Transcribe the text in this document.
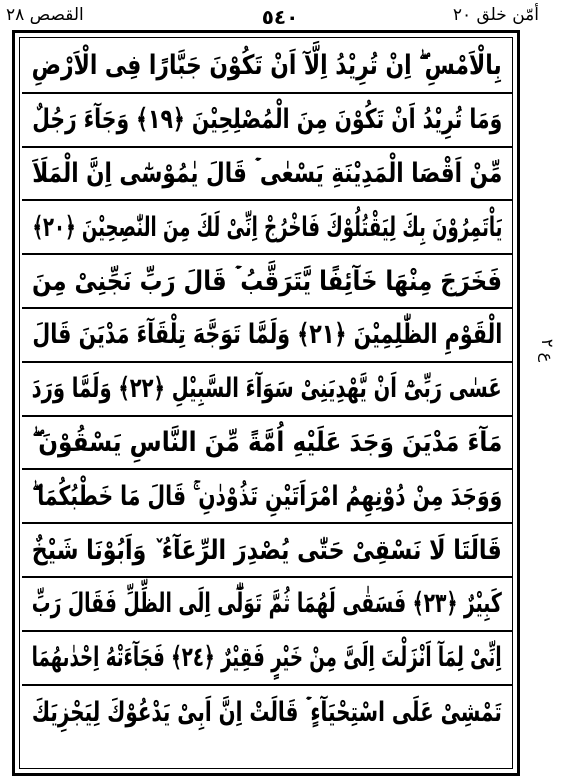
القصص ٢٨	٥٤٠	أمّن خلق ٢٠
بِالْاَمْسِ ۖ اِنْ تُرِيْدُ اِلَّآ اَنْ تَكُوْنَ جَبَّارًا فِى الْاَرْضِ
وَمَا تُرِيْدُ اَنْ تَكُوْنَ مِنَ الْمُصْلِحِيْنَ ﴿١٩﴾ وَجَآءَ رَجُلٌ
مِّنْ اَقْصَا الْمَدِيْنَةِ يَسْعٰى ۡ قَالَ يٰمُوْسٰٓى اِنَّ الْمَلَاَ
يَاْتَمِرُوْنَ بِكَ لِيَقْتُلُوْكَ فَاخْرُجْ اِنِّىْ لَكَ مِنَ النّٰصِحِيْنَ ﴿٢٠﴾
فَخَرَجَ مِنْهَا خَآئِفًا يَّتَرَقَّبُ ۡ قَالَ رَبِّ نَجِّنِىْ مِنَ
الْقَوْمِ الظّٰلِمِيْنَ ﴿٢١﴾ وَلَمَّا تَوَجَّهَ تِلْقَآءَ مَدْيَنَ قَالَ
عَسٰى رَبِّىْٓ اَنْ يَّهْدِيَنِىْ سَوَآءَ السَّبِيْلِ ﴿٢٢﴾ وَلَمَّا وَرَدَ
مَآءَ مَدْيَنَ وَجَدَ عَلَيْهِ اُمَّةً مِّنَ النَّاسِ يَسْقُوْنَ ۖ
وَوَجَدَ مِنْ دُوْنِهِمُ امْرَاَتَيْنِ تَذُوْدٰنِ ۚ قَالَ مَا خَطْبُكُمَا ۖ
قَالَتَا لَا نَسْقِىْ حَتّٰى يُصْدِرَ الرِّعَآءُ ٚ وَاَبُوْنَا شَيْخٌ
كَبِيْرٌ ﴿٢٣﴾ فَسَقٰى لَهُمَا ثُمَّ تَوَلّٰٓى اِلَى الظِّلِّ فَقَالَ رَبِّ
اِنِّىْ لِمَآ اَنْزَلْتَ اِلَىَّ مِنْ خَيْرٍ فَقِيْرٌ ﴿٢٤﴾ فَجَآءَتْهُ اِحْدٰىهُمَا
تَمْشِىْ عَلَى اسْتِحْيَآءٍ ۡ قَالَتْ اِنَّ اَبِىْ يَدْعُوْكَ لِيَجْزِيَكَ
ع ٢
